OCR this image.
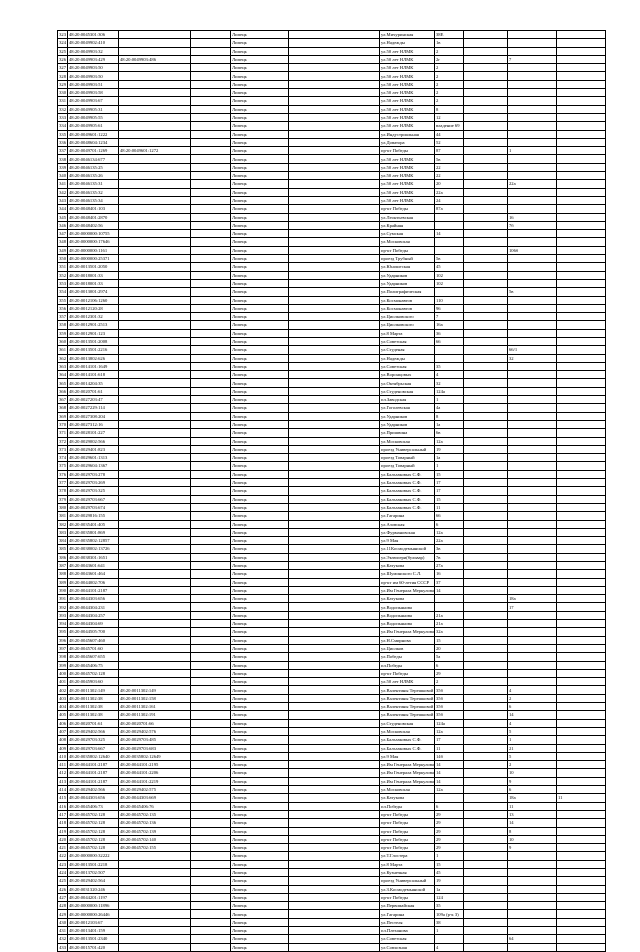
323	48:20:0045301:306			Липецк		ул.Мичуринская	38Е			
324	48:20:0049902:410			Липецк		ул.Надежды	1в			
325	48:20:0049903:32			Липецк		ул.50 лет НЛМК	2			
326	48:20:0049903:429	48:20:0049903:486		Липецк		ул.50 лет НЛМК	2г		7	
327	48:20:0049903:50			Липецк		ул.50 лет НЛМК	2			
328	48:20:0049903:50			Липецк		ул.50 лет НЛМК	2			
329	48:20:0049903:51			Липецк		ул.50 лет НЛМК	2			
330	48:20:0049903:58			Липецк		ул.50 лет НЛМК	2			
331	48:20:0049903:67			Липецк		ул.50 лет НЛМК	2			
332	48:20:0049905:31			Липецк		ул.50 лет НЛМК	8			
333	48:20:0049905:55			Липецк		ул.50 лет НЛМК	12			
334	48:20:0049905:61			Липецк		ул.50 лет НЛМК	владение 69			
335	48:20:0049601:1222			Липецк		ул.Индустриальная	44			
336	48:20:0048604:1234			Липецк		ул.Доватора	52			
337	48:20:0049701:1269	48:20:0049601:1272		Липецк		пр-кт Победы	87		1	
338	48:20:0046134:677			Липецк		ул.50 лет НЛМК	5в			
339	48:20:0046135:25			Липецк		ул.50 лет НЛМК	22			
340	48:20:0046135:26			Липецк		ул.50 лет НЛМК	22			
341	48:20:0046135:31			Липецк		ул.50 лет НЛМК	20		22а	
342	48:20:0046135:32			Липецк		ул.50 лет НЛМК	22а			
343	48:20:0046135:34			Липецк		ул.50 лет НЛМК	24			
344	48:20:0048401:103			Липецк		пр-кт Победы	87а			
345	48:20:0048401:2870			Липецк		ул.Леонтьевская			16	
346	48:20:0048402:56			Липецк		ул.Крайняя			7б	
347	48:20:0000000:10755			Липецк		ул.Сумская	14			
348	48:20:0000000:17646			Липецк		ул.Московская				
349	48:20:0000000:1161			Липецк		пр-кт Победы			106б	
350	48:20:0000000:25371			Липецк		проезд Трубный	5в			
351	48:20:0013501:2050			Липецк		ул.Юношеская	45			
352	48:20:0018001:33			Липецк		ул.Ударников	102			
353	48:20:0018001:33			Липецк		ул.Ударников	102			
354	48:20:0013001:2974			Липецк		ул.Полиграфическая			5в	
355	48:20:0012106:1260			Липецк		ул.Космонавтов	110			
356	48:20:0012120:28			Липецк		ул.Космонавтов	96			
357	48:20:0012301:32			Липецк		ул.Циолковского	7			
358	48:20:0012901:2513			Липецк		ул.Циолковского	16а			
359	48:20:0012901:123			Липецк		ул.8 Марта	36			
360	48:20:0013501:2008			Липецк		ул.Советская	66			
361	48:20:0013501:2216			Липецк		ул.Студеная			66/1	
362	48:20:0013802:626			Липецк		ул.Надежды			32	
363	48:20:0014101:1649			Липецк		ул.Советская	35			
364	48:20:0014101:618			Липецк		ул.Воронцовых	4			
365	48:20:0014204:35			Липецк		ул.Октябрьская	32			
366	48:20:0020701:61			Липецк		ул.Студеновская	124а			
367	48:20:0027203:47			Липецк		пл.Заводская	1			
368	48:20:0027229:114			Липецк		ул.Гоголевская	4а			
369	48:20:0027308:204			Липецк		ул.Ударников	8			
370	48:20:0027312:16			Липецк		ул.Ударников	1а			
371	48:20:0028101:227			Липецк		ул.Пришвина	6в			
372	48:20:0029002:566			Липецк		ул.Московская	12а			
373	48:20:0029401:823			Липецк		проезд Универсальный	19			
374	48:20:0029601:1313			Липецк		проезд Товарный	1а			
375	48:20:0029604:1367			Липецк		проезд Товарный	1			
376	48:20:0029703:278			Липецк		ул.Бальзаковых С.Ф.	15			
377	48:20:0029703:269			Липецк		ул.Бальзаковых С.Ф.	17			
378	48:20:0029703:325			Липецк		ул.Бальзаковых С.Ф.	17			
379	48:20:0029703:667			Липецк		ул.Бальзаковых С.Ф.	15			
380	48:20:0029703:674			Липецк		ул.Бальзаковых С.Ф.	11			
381	48:20:0029816:155			Липецк		ул.Гагарина	66			
382	48:20:0035401:405			Липецк		ул.Азовская	6			
383	48:20:0035801:869			Липецк		ул.Фурмановская	12а			
384	48:20:0035802:12857			Липецк		ул.9 Мая	22а			
385	48:20:0038002:13726			Липецк		ул.11Космодемьянской	3в			
386	48:20:0038301:1651			Липецк		ул.Экзюпери(бульвар)	7в			
387	48:20:0043601:641			Липецк		ул.Катукова	27а			
388	48:20:0043601:464			Липецк		ул.Шуминского С.Л.	16			
389	48:20:0044002:706			Липецк		пр-кт им 60-летия СССР	37			
390	48:20:0044101:2187			Липецк		ул.Им Генерала Меркулова	14			
391	48:20:0044303:656			Липецк		ул.Катукова			18а	
392	48:20:0044304:231			Липецк		ул.Водопьянова			17	
393	48:20:0044304:257			Липецк		ул.Водопьянова	21а			
394	48:20:0044304:69			Липецк		ул.Водопьянова	21а			
395	48:20:0044505:700			Липецк		ул.Им Генерала Меркулова	32а			
396	48:20:0045607:460			Липецк		ул.Н.Смирнова	15			
397	48:20:0045701:60			Липецк		ул.Циолков	20			
398	48:20:0045607:655			Липецк		ул.Победы	5а			
399	48:20:0045406:75			Липецк		пл.Победы	6			
400	48:20:0045702:128			Липецк		пр-кт Победы	29			
401	48:20:0045903:60			Липецк		ул.50 лет НЛМК	2			
402	48:20:0011302:149	48:20:0011302:149		Липецк		ул.Валентины Терешковой	35б		4	
403	48:20:0011302:38	48:20:0011302:158		Липецк		ул.Валентины Терешковой	35б		2	
404	48:20:0011302:38	48:20:0011302:161		Липецк		ул.Валентины Терешковой	35б		6	
405	48:20:0011302:38	48:20:0011302:191		Липецк		ул.Валентины Терешковой	35б		14	
406	48:20:0020701:61	48:20:0020701:66		Липецк		ул.Студеновская	124а		4	
407	48:20:0029402:566	48:20:0029402:576		Липецк		ул.Московская	12а		5	
408	48:20:0029703:325	48:20:0029703:485		Липецк		ул.Бальзаковых С.Ф.	17		1	
409	48:20:0029703:667	48:20:0029703:683		Липецк		ул.Бальзаковых С.Ф.	11		21	
410	48:20:0035802:12640	48:20:0035802:12649		Липецк		ул.9 Мая	14б		5	
411	48:20:0044101:2187	48:20:0044101:2195		Липецк		ул.Им Генерала Меркулова	14		2	
412	48:20:0044101:2187	48:20:0044101:2206		Липецк		ул.Им Генерала Меркулова	14		10	
413	48:20:0044101:2187	48:20:0044101:2219		Липецк		ул.Им Генерала Меркулова	14		9	
414	48:20:0029402:566	48:20:0029402:575		Липецк		ул.Московская	12а		6	
415	48:20:0044303:656	48:20:0044303:669		Липецк		ул.Катукова			18а	11
416	48:20:0045406:73	48:20:0045406:76		Липецк		пл.Победы	6		11	
417	48:20:0045702:128	48:20:0045702:135		Липецк		пр-кт Победы	29		13	
418	48:20:0045702:128	48:20:0045702:136		Липецк		пр-кт Победы	29		14	
419	48:20:0045702:128	48:20:0045702:139		Липецк		пр-кт Победы	29		8	
420	48:20:0045702:128	48:20:0045702:140		Липецк		пр-кт Победы	29		10	
421	48:20:0045702:128	48:20:0045702:155		Липецк		пр-кт Победы	29		9	
422	48:20:0000000:32222			Липецк		ул.Т.Глостера	1			
423	48:20:0013501:2218			Липецк		ул.8 Марта	15			
424	48:20:0013702:507			Липецк		ул.Кузнечная	45			
425	48:20:0029402:564			Липецк		проезд Универсальный	19			
426	48:20:0031320:246			Липецк		ул.З.Космодемьянской	1а			
427	48:20:0044201:1197			Липецк		пр-кт Победы	124			
428	48:20:0000000:11896			Липецк		ул.Первомайская	35			
429	48:20:0000000:26446			Липецк		ул.Гагарина	109а (р-к 3)			
430	48:20:0012103:67			Липецк		ул.Пестеля	38			
431	48:20:0013401:159			Липецк		пл.Плеханова	1			
432	48:20:0013501:2340			Липецк		ул.Советская			64	
433	48:20:0015701:420			Липецк		ул.Совхозная	4			
